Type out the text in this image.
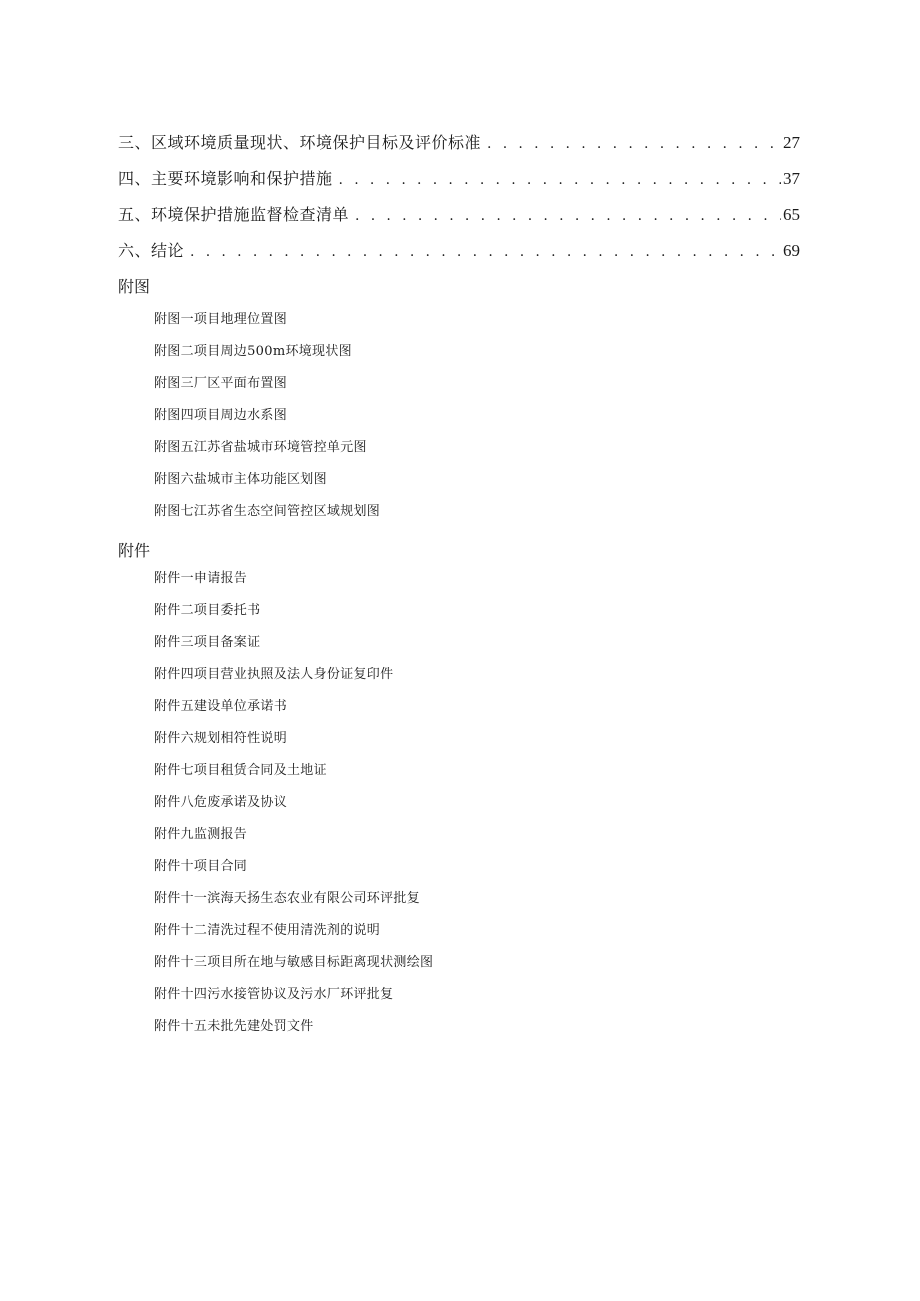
三、区域环境质量现状、环境保护目标及评价标准 . . .	27
四、主要环境影响和保护措施 . . .	37
五、环境保护措施监督检查清单 . . .	65
六、结论 . . .	69
附图
附图一项目地理位置图
附图二项目周边500m环境现状图
附图三厂区平面布置图
附图四项目周边水系图
附图五江苏省盐城市环境管控单元图
附图六盐城市主体功能区划图
附图七江苏省生态空间管控区域规划图
附件
附件一申请报告
附件二项目委托书
附件三项目备案证
附件四项目营业执照及法人身份证复印件
附件五建设单位承诺书
附件六规划相符性说明
附件七项目租赁合同及土地证
附件八危废承诺及协议
附件九监测报告
附件十项目合同
附件十一滨海天扬生态农业有限公司环评批复
附件十二清洗过程不使用清洗剂的说明
附件十三项目所在地与敏感目标距离现状测绘图
附件十四污水接管协议及污水厂环评批复
附件十五未批先建处罚文件
